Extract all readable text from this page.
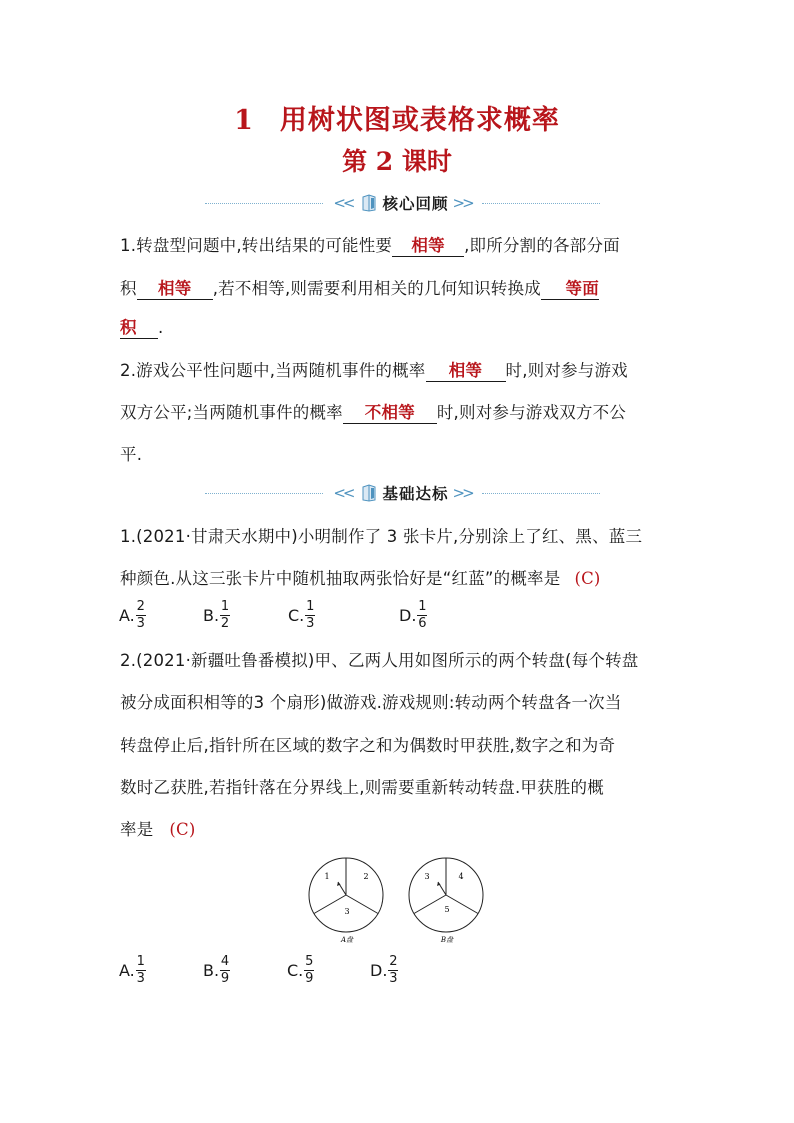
1 用树状图或表格求概率
第 2 课时
<< 核心回顾 >>
1.转盘型问题中,转出结果的可能性要 相等 ,即所分割的各部分面
积 相等 ,若不相等,则需要利用相关的几何知识转换成 等面
积 .
2.游戏公平性问题中,当两随机事件的概率 相等 时,则对参与游戏
双方公平;当两随机事件的概率 不相等 时,则对参与游戏双方不公
平.
<< 基础达标 >>
1.(2021·甘肃天水期中)小明制作了 3 张卡片,分别涂上了红、黑、蓝三
种颜色.从这三张卡片中随机抽取两张恰好是“红蓝”的概率是 (C)
A. $\frac{2}{3}$	B. $\frac{1}{2}$	C. $\frac{1}{3}$	D. $\frac{1}{6}$
2.(2021·新疆吐鲁番模拟)甲、乙两人用如图所示的两个转盘(每个转盘
被分成面积相等的3 个扇形)做游戏.游戏规则:转动两个转盘各一次当
转盘停止后,指针所在区域的数字之和为偶数时甲获胜,数字之和为奇
数时乙获胜,若指针落在分界线上,则需要重新转动转盘.甲获胜的概
率是 (C)
1	2
3
A盘
3	4
5
B盘
A. $\frac{1}{3}$	B. $\frac{4}{9}$	C. $\frac{5}{9}$	D. $\frac{2}{3}$
